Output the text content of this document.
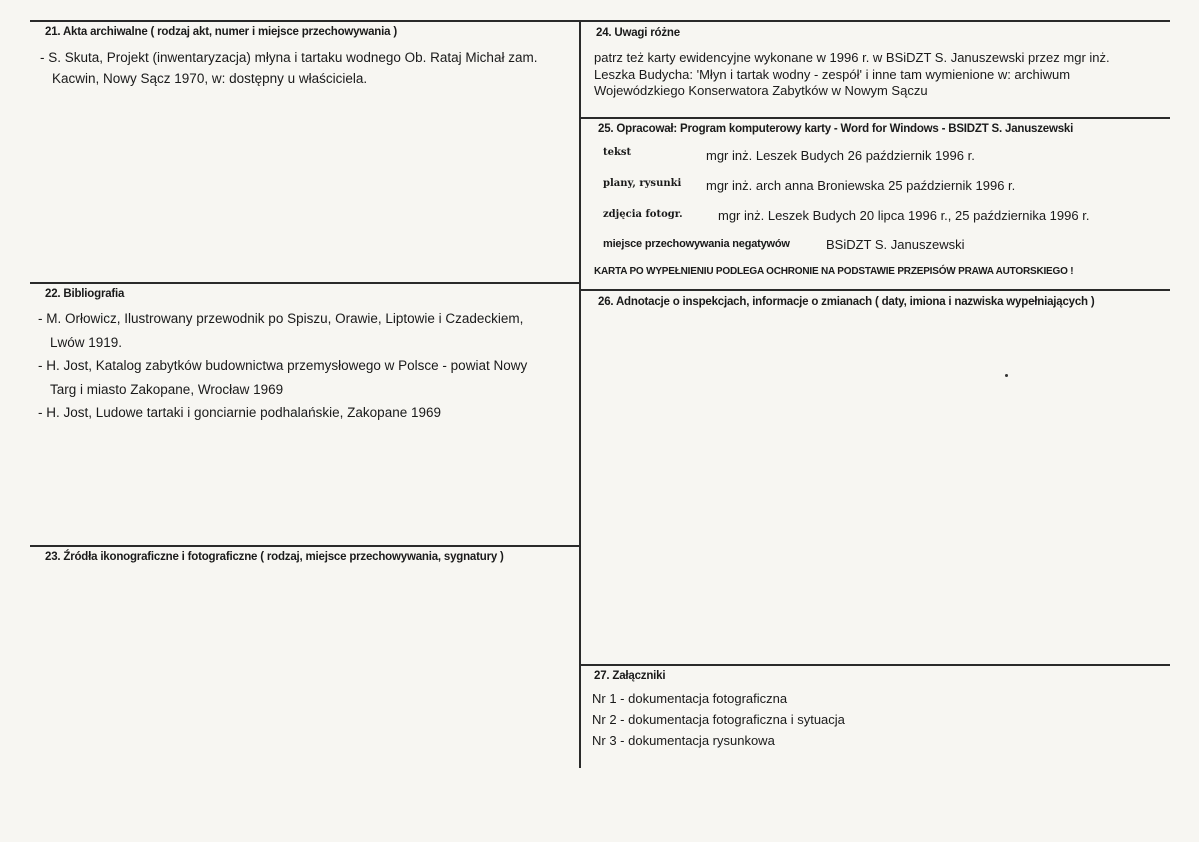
21. Akta archiwalne ( rodzaj akt, numer i miejsce przechowywania )

- S. Skuta, Projekt (inwentaryzacja) młyna i tartaku wodnego Ob. Rataj Michał zam.

Kacwin, Nowy Sącz 1970, w: dostępny u właściciela.

22. Bibliografia

- M. Orłowicz, Ilustrowany przewodnik po Spiszu, Orawie, Liptowie i Czadeckiem,

Lwów 1919.

- H. Jost, Katalog zabytków budownictwa przemysłowego w Polsce - powiat Nowy

Targ i miasto Zakopane, Wrocław 1969

- H. Jost, Ludowe tartaki i gonciarnie podhalańskie, Zakopane 1969

23. Źródła ikonograficzne i fotograficzne ( rodzaj, miejsce przechowywania, sygnatury )
24. Uwagi różne

patrz też karty ewidencyjne wykonane w 1996 r. w BSiDZT S. Januszewski przez mgr inż.

Leszka Budycha: 'Młyn i tartak wodny - zespół' i inne tam wymienione w: archiwum

Wojewódzkiego Konserwatora Zabytków w Nowym Sączu

25. Opracował: Program komputerowy karty - Word for Windows - BSIDZT S. Januszewski
tekst	mgr inż. Leszek Budych 26 październik 1996 r.
plany, rysunki mgr inż. arch anna Broniewska 25 październik 1996 r.
zdjęcia fotogr.	mgr inż. Leszek Budych 20 lipca 1996 r., 25 października 1996 r.
miejsce przechowywania negatywów	BSiDZT S. Januszewski
KARTA PO WYPEŁNIENIU PODLEGA OCHRONIE NA PODSTAWIE PRZEPISÓW PRAWA AUTORSKIEGO !
26. Adnotacje o inspekcjach, informacje o zmianach ( daty, imiona i nazwiska wypełniających )
27. Załączniki

Nr 1 - dokumentacja fotograficzna

Nr 2 - dokumentacja fotograficzna i sytuacja

Nr 3 - dokumentacja rysunkowa
